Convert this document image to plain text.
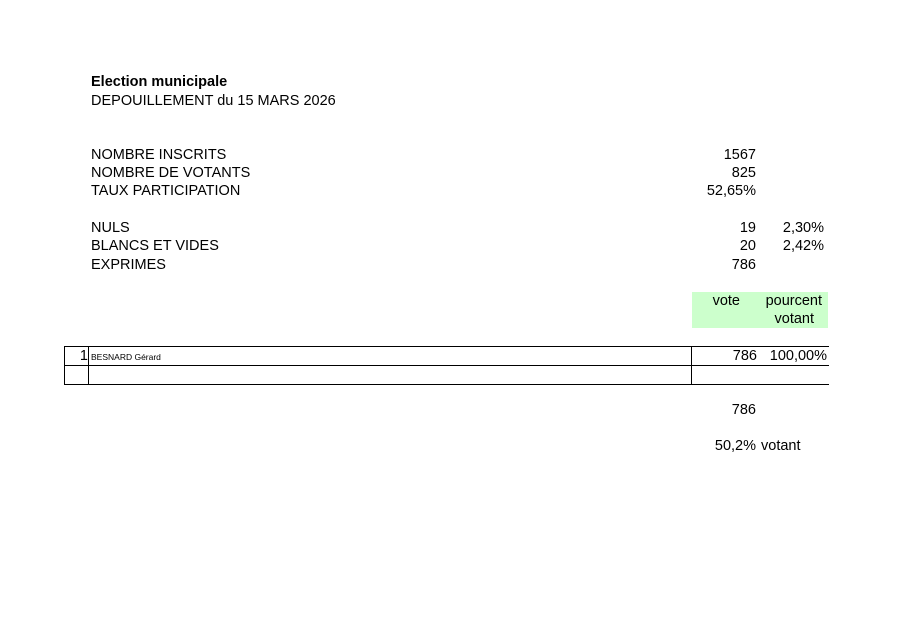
Election municipale
DEPOUILLEMENT du 15 MARS 2026
NOMBRE INSCRITS	1567
NOMBRE DE VOTANTS	825
TAUX PARTICIPATION	52,65%
NULS	19	2,30%
BLANCS ET VIDES	20	2,42%
EXPRIMES	786
vote	pourcent
votant
1 BESNARD Gérard	786 100,00%
786
50,2% votant
